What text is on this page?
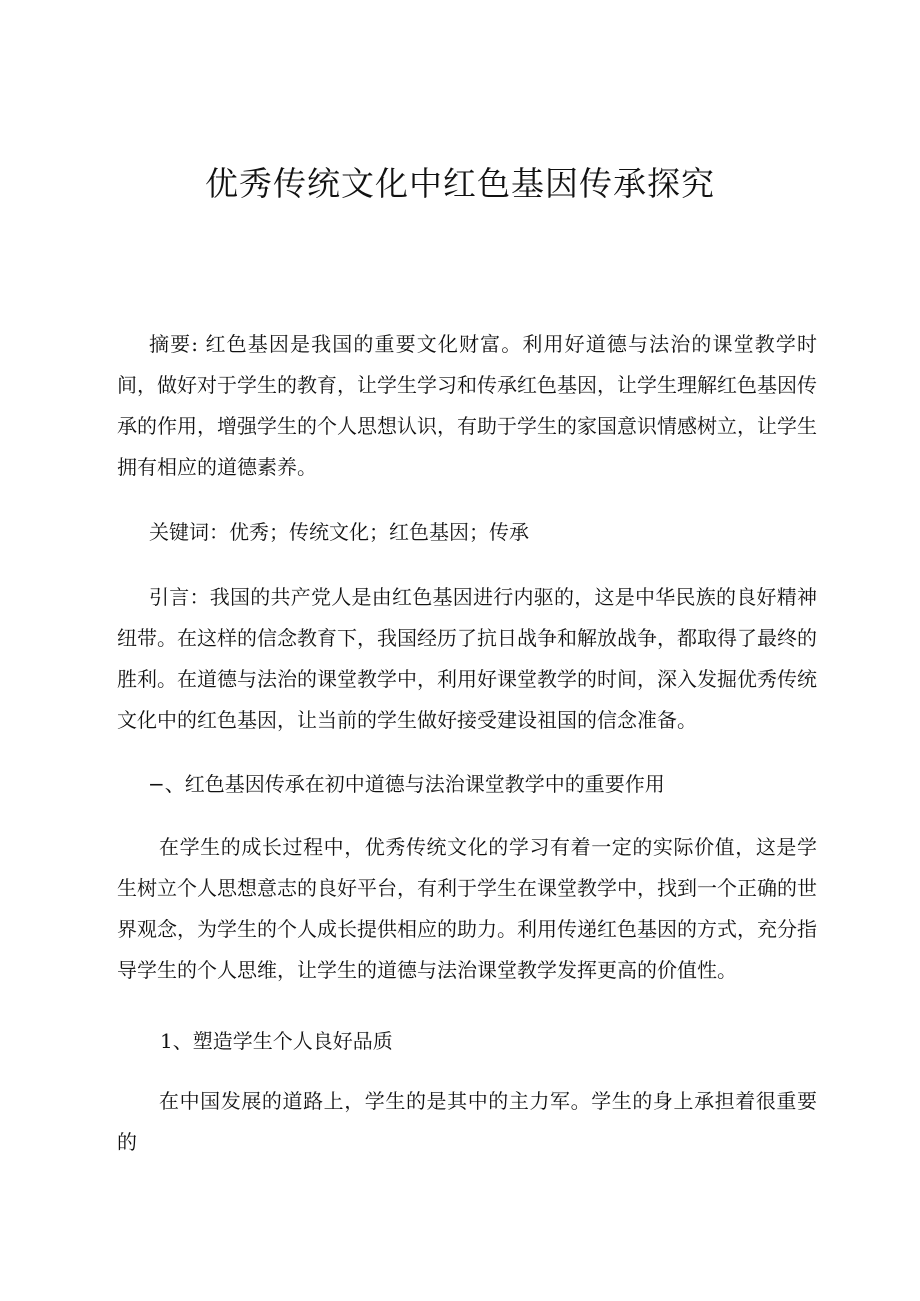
优秀传统文化中红色基因传承探究

摘要: 红色基因是我国的重要文化财富。利用好道德与法治的课堂教学时间，做好对于学生的教育，让学生学习和传承红色基因，让学生理解红色基因传承的作用，增强学生的个人思想认识，有助于学生的家国意识情感树立，让学生拥有相应的道德素养。

关键词：优秀；传统文化；红色基因；传承

引言：我国的共产党人是由红色基因进行内驱的，这是中华民族的良好精神纽带。在这样的信念教育下，我国经历了抗日战争和解放战争，都取得了最终的胜利。在道德与法治的课堂教学中，利用好课堂教学的时间，深入发掘优秀传统文化中的红色基因，让当前的学生做好接受建设祖国的信念准备。

−、红色基因传承在初中道德与法治课堂教学中的重要作用

在学生的成长过程中，优秀传统文化的学习有着一定的实际价值，这是学生树立个人思想意志的良好平台，有利于学生在课堂教学中，找到一个正确的世界观念，为学生的个人成长提供相应的助力。利用传递红色基因的方式，充分指导学生的个人思维，让学生的道德与法治课堂教学发挥更高的价值性。

1、塑造学生个人良好品质

在中国发展的道路上，学生的是其中的主力军。学生的身上承担着很重要的
